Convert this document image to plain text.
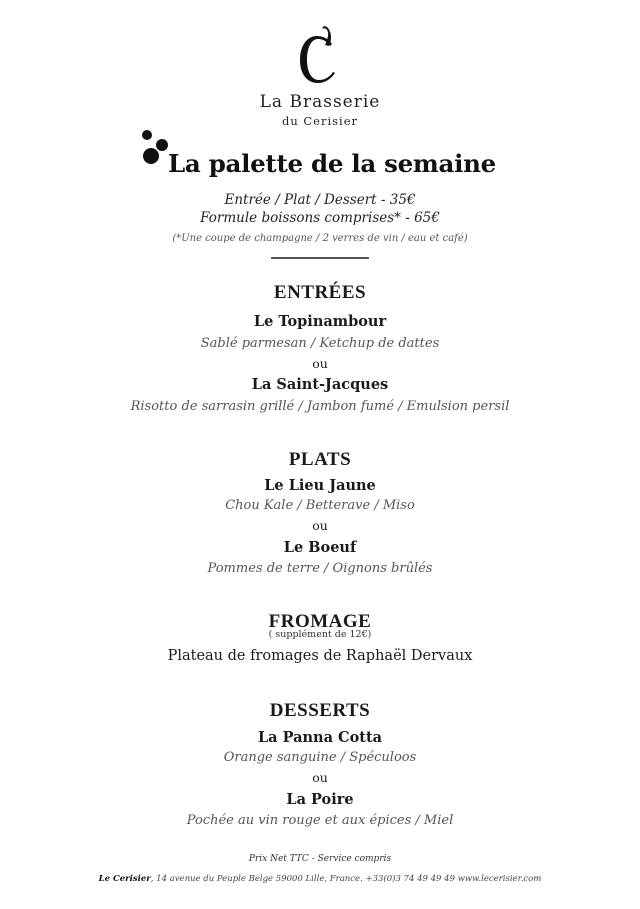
La Brasserie
du Cerisier
La palette de la semaine
Entrée / Plat / Dessert - 35€
Formule boissons comprises* - 65€
(*Une coupe de champagne / 2 verres de vin / eau et café)
ENTRÉES
Le Topinambour
Sablé parmesan / Ketchup de dattes
ou
La Saint-Jacques
Risotto de sarrasin grillé / Jambon fumé / Emulsion persil
PLATS
Le Lieu Jaune
Chou Kale / Betterave / Miso
ou
Le Boeuf
Pommes de terre / Oignons brûlés
FROMAGE
( supplément de 12€)
Plateau de fromages de Raphaël Dervaux
DESSERTS
La Panna Cotta
Orange sanguine / Spéculoos
ou
La Poire
Pochée au vin rouge et aux épices / Miel
Prix Net TTC - Service compris
Le Cerisier, 14 avenue du Peuple Belge 59000 Lille, France. +33(0)3 74 49 49 49 www.lecerisier.com
